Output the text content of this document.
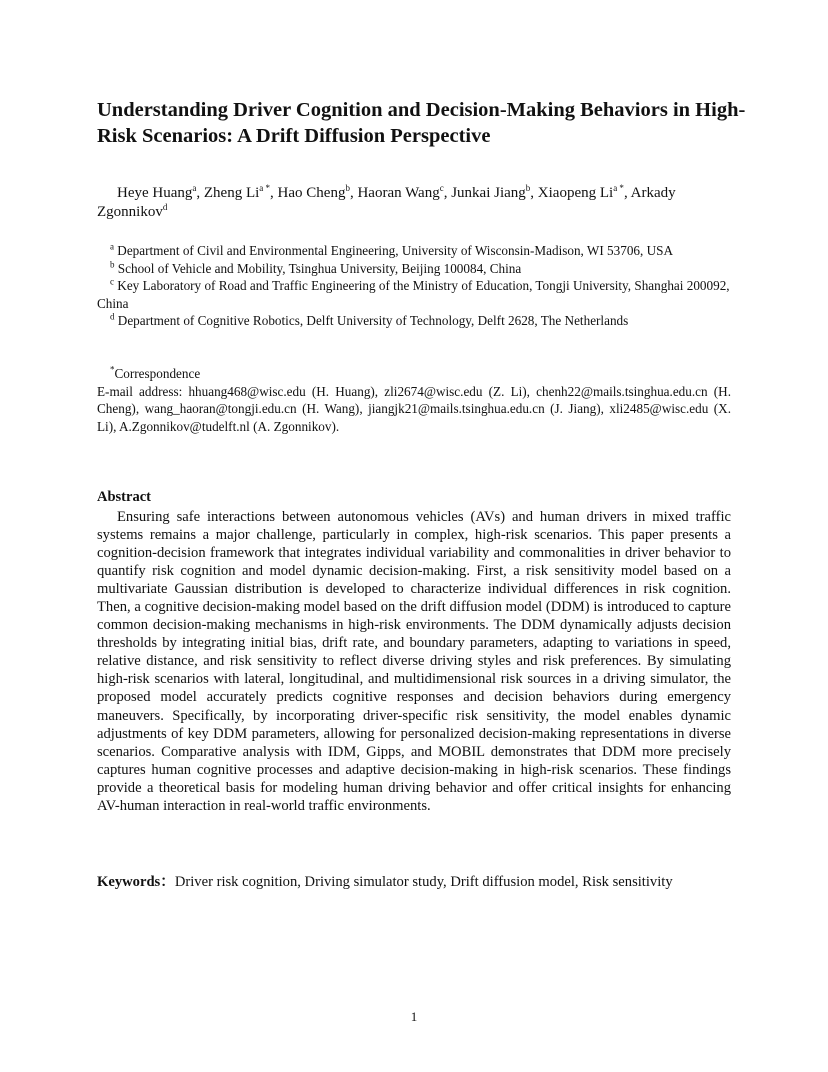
Understanding Driver Cognition and Decision-Making Behaviors in High-Risk Scenarios: A Drift Diffusion Perspective
Heye Huang$^a$, Zheng $Li^{a *}$, Hao Cheng$^b$, Haoran Wang$^c$, Junkai Jiang$^b$, Xiaopeng $Li^{a *}$, Arkady Zgonnikov$^d$

$^a$ Department of Civil and Environmental Engineering, University of Wisconsin-Madison, WI 53706, USA

$^b$ School of Vehicle and Mobility, Tsinghua University, Beijing 100084, China

$^c$ Key Laboratory of Road and Traffic Engineering of the Ministry of Education, Tongji University, Shanghai 200092, China

$^d$ Department of Cognitive Robotics, Delft University of Technology, Delft 2628, The Netherlands

*Correspondence
E-mail address: hhuang468@wisc.edu (H. Huang), zli2674@wisc.edu (Z. Li), chenh22@mails.tsinghua.edu.cn (H. Cheng), wang_haoran@tongji.edu.cn (H. Wang), jiangjk21@mails.tsinghua.edu.cn (J. Jiang), xli2485@wisc.edu (X. Li), A.Zgonnikov@tudelft.nl (A. Zgonnikov).
Abstract
Ensuring safe interactions between autonomous vehicles (AVs) and human drivers in mixed traffic systems remains a major challenge, particularly in complex, high-risk scenarios. This paper presents a cognition-decision framework that integrates individual variability and commonalities in driver behavior to quantify risk cognition and model dynamic decision-making. First, a risk sensitivity model based on a multivariate Gaussian distribution is developed to characterize individual differences in risk cognition. Then, a cognitive decision-making model based on the drift diffusion model (DDM) is introduced to capture common decision-making mechanisms in high-risk environments. The DDM dynamically adjusts decision thresholds by integrating initial bias, drift rate, and boundary parameters, adapting to variations in speed, relative distance, and risk sensitivity to reflect diverse driving styles and risk preferences. By simulating high-risk scenarios with lateral, longitudinal, and multidimensional risk sources in a driving simulator, the proposed model accurately predicts cognitive responses and decision behaviors during emergency maneuvers. Specifically, by incorporating driver-specific risk sensitivity, the model enables dynamic adjustments of key DDM parameters, allowing for personalized decision-making representations in diverse scenarios. Comparative analysis with IDM, Gipps, and MOBIL demonstrates that DDM more precisely captures human cognitive processes and adaptive decision-making in high-risk scenarios. These findings provide a theoretical basis for modeling human driving behavior and offer critical insights for enhancing AV-human interaction in real-world traffic environments.
Keywords：Driver risk cognition, Driving simulator study, Drift diffusion model, Risk sensitivity
1
